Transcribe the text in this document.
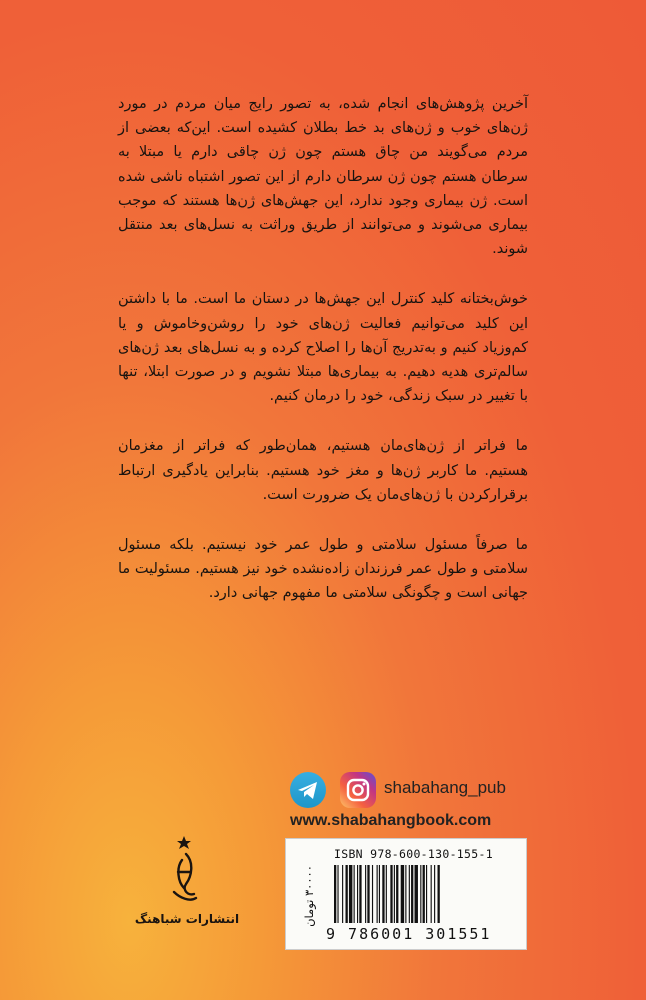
آخرین پژوهش‌های انجام شده، به تصور رایج میان مردم در مورد ژن‌های خوب و ژن‌های بد خط بطلان کشیده است. این‌که بعضی از مردم می‌گویند من چاق هستم چون ژن چاقی دارم یا مبتلا به سرطان هستم چون ژن سرطان دارم از این تصور اشتباه ناشی شده است. ژن بیماری وجود ندارد، این جهش‌های ژن‌ها هستند که موجب بیماری می‌شوند و می‌توانند از طریق وراثت به نسل‌های بعد منتقل شوند.

خوش‌بختانه کلید کنترل این جهش‌ها در دستان ما است. ما با داشتن این کلید می‌توانیم فعالیت ژن‌های خود را روشن‌وخاموش و یا کم‌وزیاد کنیم و به‌تدریج آن‌ها را اصلاح کرده و به نسل‌های بعد ژن‌های سالم‌تری هدیه دهیم. به بیماری‌ها مبتلا نشویم و در صورت ابتلا، تنها با تغییر در سبک زندگی، خود را درمان کنیم.

ما فراتر از ژن‌های‌مان هستیم، همان‌طور که فراتر از مغزمان هستیم. ما کاربر ژن‌ها و مغز خود هستیم. بنابراین یادگیری ارتباط برقرارکردن با ژن‌های‌مان یک ضرورت است.

ما صرفاً مسئول سلامتی و طول عمر خود نیستیم. بلکه مسئول سلامتی و طول عمر فرزندان زاده‌نشده خود نیز هستیم. مسئولیت ما جهانی است و چگونگی سلامتی ما مفهوم جهانی دارد.

shabahang_pub
www.shabahangbook.com
انتشارات شباهنگ	۳۰۰۰۰ تومان
ISBN 978-600-130-155-1
9 786001 301551
